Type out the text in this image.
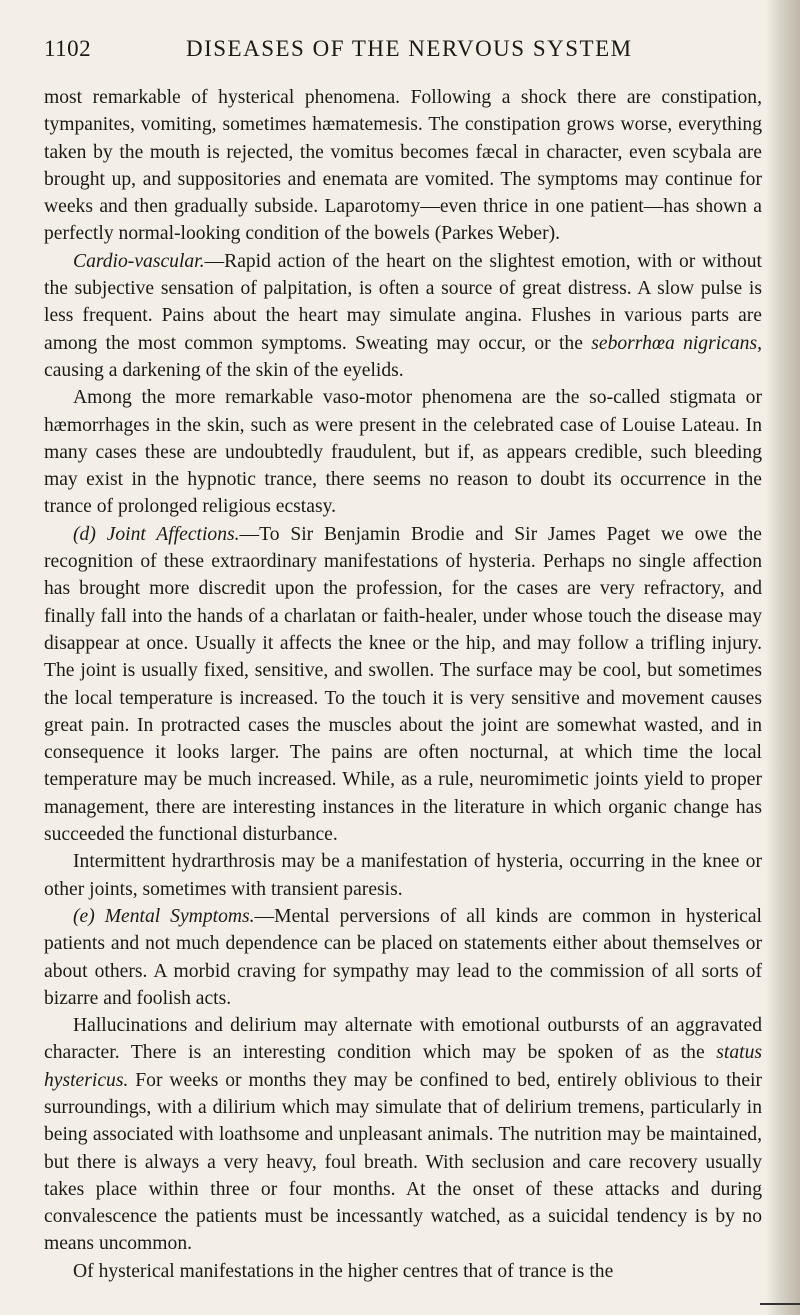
1102	DISEASES OF THE NERVOUS SYSTEM

most remarkable of hysterical phenomena. Following a shock there are constipation, tympanites, vomiting, sometimes hæmatemesis. The constipation grows worse, everything taken by the mouth is rejected, the vomitus becomes fæcal in character, even scybala are brought up, and suppositories and enemata are vomited. The symptoms may continue for weeks and then gradually subside. Laparotomy—even thrice in one patient—has shown a perfectly normal-looking condition of the bowels (Parkes Weber).

Cardio-vascular.—Rapid action of the heart on the slightest emotion, with or without the subjective sensation of palpitation, is often a source of great distress. A slow pulse is less frequent. Pains about the heart may simulate angina. Flushes in various parts are among the most common symptoms. Sweating may occur, or the seborrhœa nigricans, causing a darkening of the skin of the eyelids.

Among the more remarkable vaso-motor phenomena are the so-called stigmata or hæmorrhages in the skin, such as were present in the celebrated case of Louise Lateau. In many cases these are undoubtedly fraudulent, but if, as appears credible, such bleeding may exist in the hypnotic trance, there seems no reason to doubt its occurrence in the trance of prolonged religious ecstasy.

(d) Joint Affections.—To Sir Benjamin Brodie and Sir James Paget we owe the recognition of these extraordinary manifestations of hysteria. Perhaps no single affection has brought more discredit upon the profession, for the cases are very refractory, and finally fall into the hands of a charlatan or faith-healer, under whose touch the disease may disappear at once. Usually it affects the knee or the hip, and may follow a trifling injury. The joint is usually fixed, sensitive, and swollen. The surface may be cool, but sometimes the local temperature is increased. To the touch it is very sensitive and movement causes great pain. In protracted cases the muscles about the joint are somewhat wasted, and in consequence it looks larger. The pains are often nocturnal, at which time the local temperature may be much increased. While, as a rule, neuromimetic joints yield to proper management, there are interesting instances in the literature in which organic change has succeeded the functional disturbance.

Intermittent hydrarthrosis may be a manifestation of hysteria, occurring in the knee or other joints, sometimes with transient paresis.

(e) Mental Symptoms.—Mental perversions of all kinds are common in hysterical patients and not much dependence can be placed on statements either about themselves or about others. A morbid craving for sympathy may lead to the commission of all sorts of bizarre and foolish acts.

Hallucinations and delirium may alternate with emotional outbursts of an aggravated character. There is an interesting condition which may be spoken of as the status hystericus. For weeks or months they may be confined to bed, entirely oblivious to their surroundings, with a dilirium which may simulate that of delirium tremens, particularly in being associated with loathsome and unpleasant animals. The nutrition may be maintained, but there is always a very heavy, foul breath. With seclusion and care recovery usually takes place within three or four months. At the onset of these attacks and during convalescence the patients must be incessantly watched, as a suicidal tendency is by no means uncommon.

Of hysterical manifestations in the higher centres that of trance is the
